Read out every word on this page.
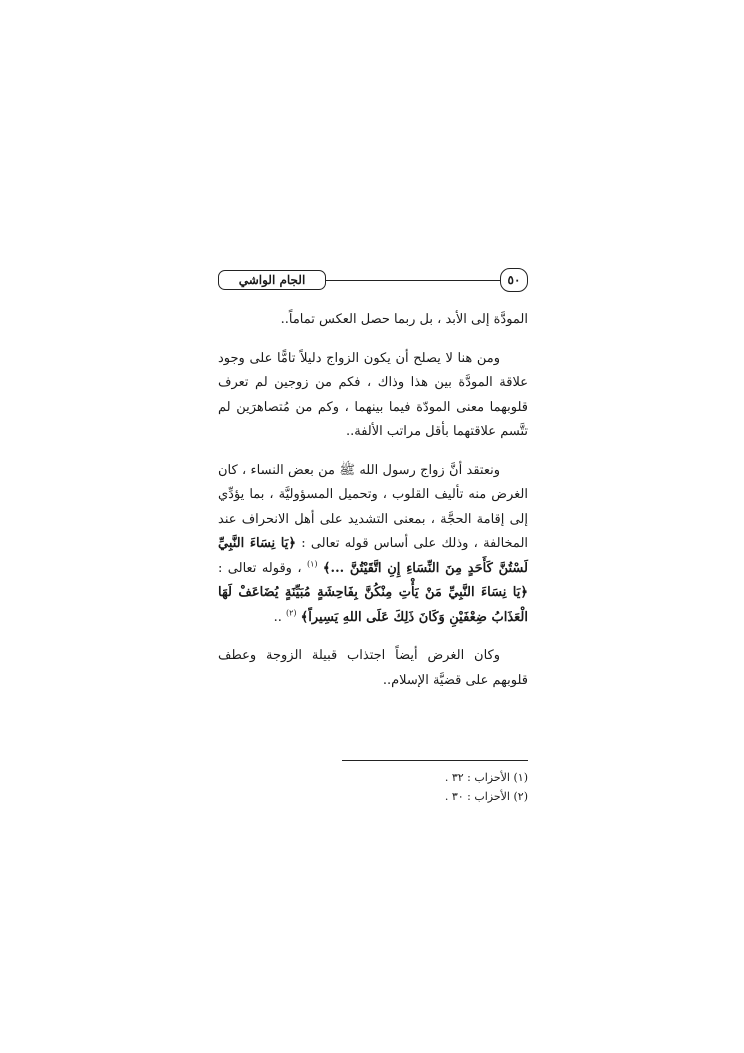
الجام الواشي	٥٠

المودَّة إلى الأبد ، بل ربما حصل العكس تماماً..

ومن هنا لا يصلح أن يكون الزواج دليلاً تامًّا على وجود علاقة المودَّة بين هذا وذاك ، فكم من زوجين لم تعرف قلوبهما معنى المودّة فيما بينهما ، وكم من مُتصاهرَين لم تتَّسم علاقتهما بأقل مراتب الألفة..

ونعتقد أنَّ زواج رسول الله ﷺ من بعض النساء ، كان الغرض منه تأليف القلوب ، وتحميل المسؤوليَّة ، بما يؤدِّي إلى إقامة الحجَّة ، بمعنى التشديد على أهل الانحراف عند المخالفة ، وذلك على أساس قوله تعالى : ﴿يَا نِسَاءَ النَّبِيِّ لَسْتُنَّ كَأَحَدٍ مِنَ النِّسَاءِ إِنِ اتَّقَيْتُنَّ ...﴾ $^{(١)}$ ، وقوله تعالى : ﴿يَا نِسَاءَ النَّبِيِّ مَنْ يَأْتِ مِنْكُنَّ بِفَاحِشَةٍ مُبَيِّنَةٍ يُضَاعَفْ لَهَا الْعَذَابُ ضِعْفَيْنِ وَكَانَ ذَلِكَ عَلَى اللهِ يَسِيراً﴾ $^{(٢)}$ ..

وكان الغرض أيضاً اجتذاب قبيلة الزوجة وعطف قلوبهم على قضيَّة الإسلام..

(١) الأحزاب : ٣٢ .

(٢) الأحزاب : ٣٠ .
